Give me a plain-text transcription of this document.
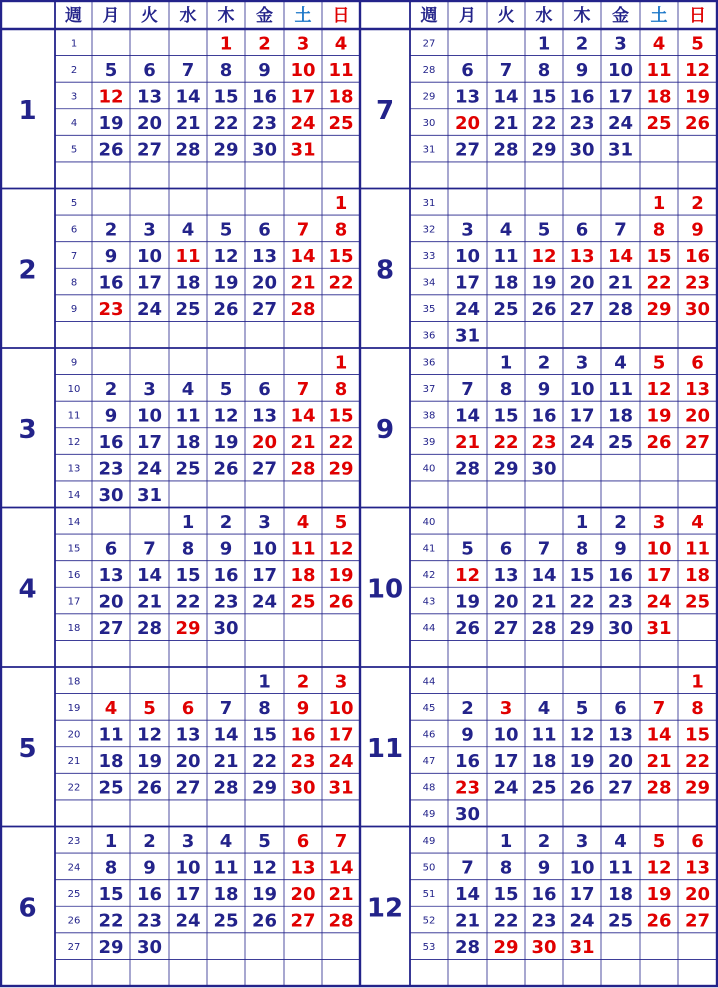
週 月 火 水 木 金 土 日	週 月 火 水 木 金 土 日
1
1
2
3
4
5
1 2 3 4
5 6 7 8 9 10 11
12 13 14 15 16 17 18
19 20 21 22 23 24 25
26 27 28 29 30 31
2
5
6
7
8
9
1
2 3 4 5 6 7 8
9 10 11 12 13 14 15
16 17 18 19 20 21 22
23 24 25 26 27 28
3
9
10
11
12
13
14
1
2 3 4 5 6 7 8
9 10 11 12 13 14 15
16 17 18 19 20 21 22
23 24 25 26 27 28 29
30 31
4
14
15
16
17
18
1 2 3 4 5
6 7 8 9 10 11 12
13 14 15 16 17 18 19
20 21 22 23 24 25 26
27 28 29 30
5
18
19
20
21
22
1 2 3
4 5 6 7 8 9 10
11 12 13 14 15 16 17
18 19 20 21 22 23 24
25 26 27 28 29 30 31
6
23
24
25
26
27
1 2 3 4 5 6 7
8 9 10 11 12 13 14
15 16 17 18 19 20 21
22 23 24 25 26 27 28
29 30
7
27
28
29
30
31
1 2 3 4 5
6 7 8 9 10 11 12
13 14 15 16 17 18 19
20 21 22 23 24 25 26
27 28 29 30 31
8
31
32
33
34
35
36
1 2
3 4 5 6 7 8 9
10 11 12 13 14 15 16
17 18 19 20 21 22 23
24 25 26 27 28 29 30
31
9
36
37
38
39
40
1 2 3 4 5 6
7 8 9 10 11 12 13
14 15 16 17 18 19 20
21 22 23 24 25 26 27
28 29 30
10
40
41
42
43
44
1 2 3 4
5 6 7 8 9 10 11
12 13 14 15 16 17 18
19 20 21 22 23 24 25
26 27 28 29 30 31
11
44
45
46
47
48
49
1
2 3 4 5 6 7 8
9 10 11 12 13 14 15
16 17 18 19 20 21 22
23 24 25 26 27 28 29
30
12
49
50
51
52
53
1 2 3 4 5 6
7 8 9 10 11 12 13
14 15 16 17 18 19 20
21 22 23 24 25 26 27
28 29 30 31
